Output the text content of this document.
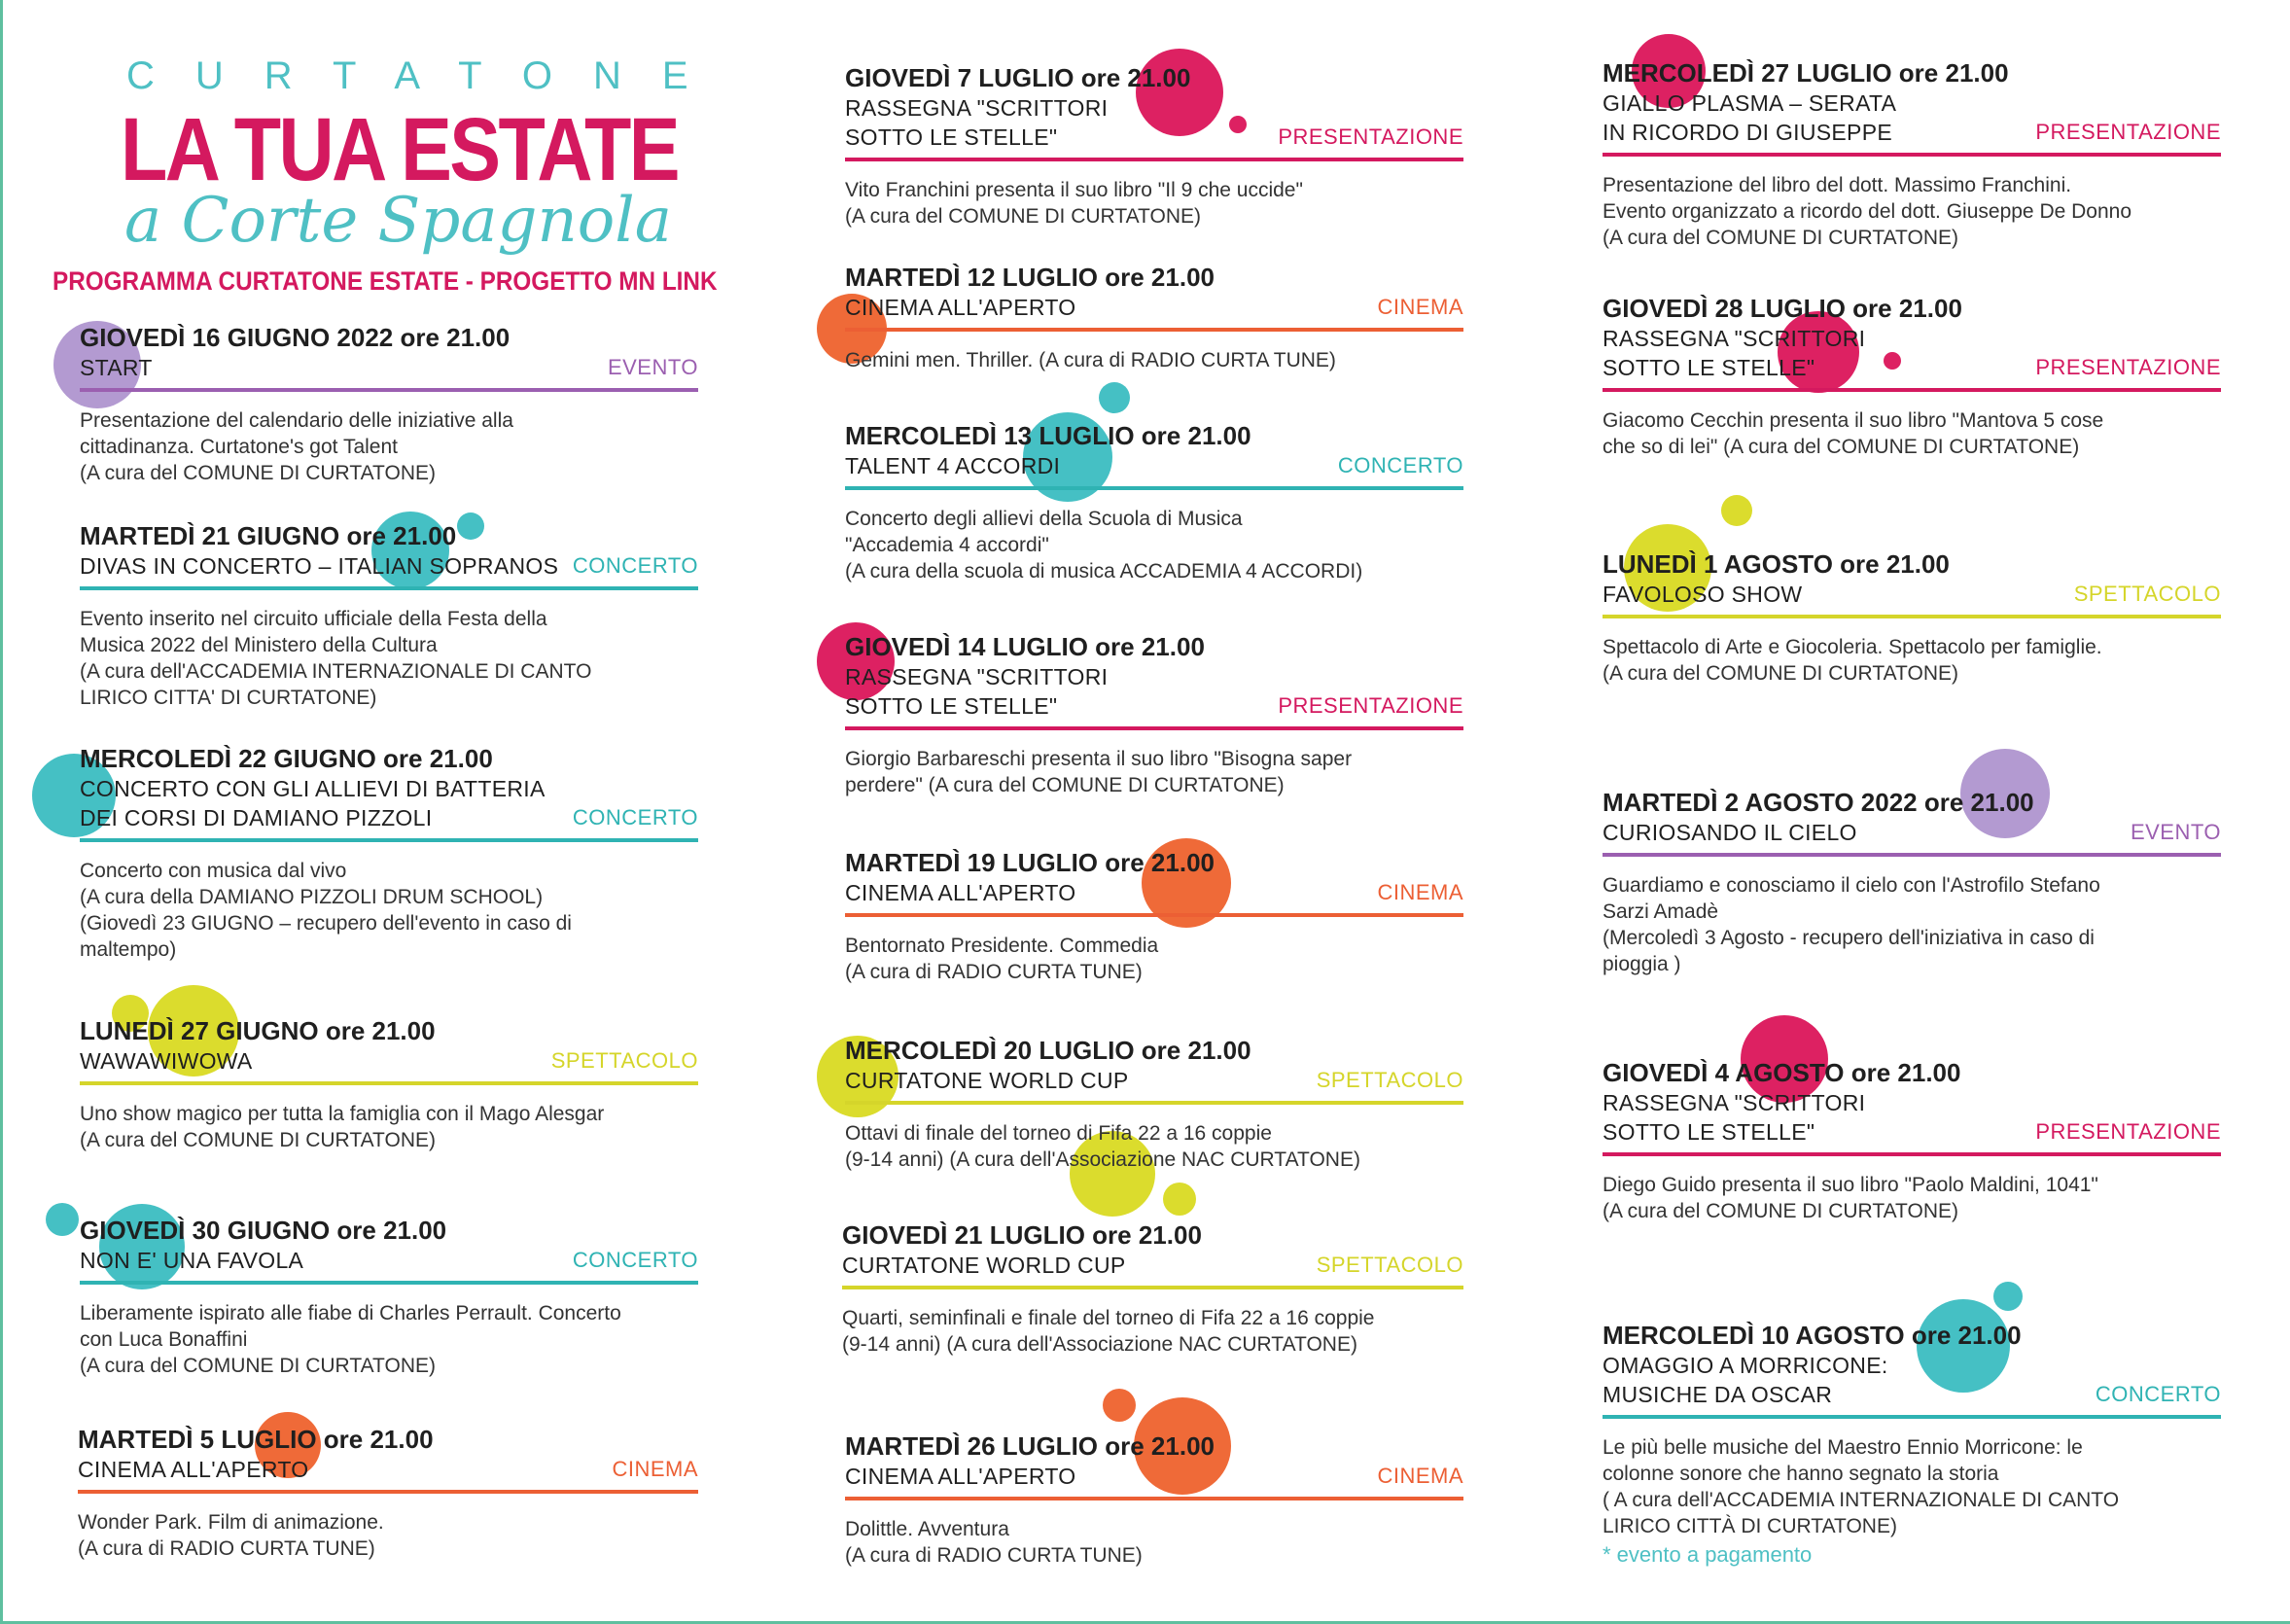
CURTATONE
LA TUA ESTATE
a Corte Spagnola
PROGRAMMA CURTATONE ESTATE - PROGETTO MN LINK
GIOVEDÌ 16 GIUGNO 2022 ore 21.00
START	EVENTO
Presentazione del calendario delle iniziative alla
cittadinanza. Curtatone's got Talent
(A cura del COMUNE DI CURTATONE)
MARTEDÌ 21 GIUGNO ore 21.00
DIVAS IN CONCERTO – ITALIAN SOPRANOS CONCERTO
Evento inserito nel circuito ufficiale della Festa della
Musica 2022 del Ministero della Cultura
(A cura dell'ACCADEMIA INTERNAZIONALE DI CANTO
LIRICO CITTA' DI CURTATONE)
MERCOLEDÌ 22 GIUGNO ore 21.00
CONCERTO CON GLI ALLIEVI DI BATTERIA
DEI CORSI DI DAMIANO PIZZOLI	CONCERTO
Concerto con musica dal vivo
(A cura della DAMIANO PIZZOLI DRUM SCHOOL)
(Giovedì 23 GIUGNO – recupero dell'evento in caso di
maltempo)
LUNEDÌ 27 GIUGNO ore 21.00
WAWAWIWOWA	SPETTACOLO
Uno show magico per tutta la famiglia con il Mago Alesgar
(A cura del COMUNE DI CURTATONE)
GIOVEDÌ 30 GIUGNO ore 21.00
NON E' UNA FAVOLA	CONCERTO
Liberamente ispirato alle fiabe di Charles Perrault. Concerto
con Luca Bonaffini
(A cura del COMUNE DI CURTATONE)
MARTEDÌ 5 LUGLIO ore 21.00
CINEMA ALL'APERTO	CINEMA
Wonder Park. Film di animazione.
(A cura di RADIO CURTA TUNE)
GIOVEDÌ 7 LUGLIO ore 21.00
RASSEGNA "SCRITTORI
SOTTO LE STELLE"	PRESENTAZIONE
Vito Franchini presenta il suo libro "Il 9 che uccide"
(A cura del COMUNE DI CURTATONE)
MARTEDÌ 12 LUGLIO ore 21.00
CINEMA ALL'APERTO	CINEMA
Gemini men. Thriller. (A cura di RADIO CURTA TUNE)
MERCOLEDÌ 13 LUGLIO ore 21.00
TALENT 4 ACCORDI	CONCERTO
Concerto degli allievi della Scuola di Musica
"Accademia 4 accordi"
(A cura della scuola di musica ACCADEMIA 4 ACCORDI)
GIOVEDÌ 14 LUGLIO ore 21.00
RASSEGNA "SCRITTORI
SOTTO LE STELLE"	PRESENTAZIONE
Giorgio Barbareschi presenta il suo libro "Bisogna saper
perdere" (A cura del COMUNE DI CURTATONE)
MARTEDÌ 19 LUGLIO ore 21.00
CINEMA ALL'APERTO	CINEMA
Bentornato Presidente. Commedia
(A cura di RADIO CURTA TUNE)
MERCOLEDÌ 20 LUGLIO ore 21.00
CURTATONE WORLD CUP	SPETTACOLO
Ottavi di finale del torneo di Fifa 22 a 16 coppie
(9-14 anni) (A cura dell'Associazione NAC CURTATONE)
GIOVEDÌ 21 LUGLIO ore 21.00
CURTATONE WORLD CUP	SPETTACOLO
Quarti, seminfinali e finale del torneo di Fifa 22 a 16 coppie
(9-14 anni) (A cura dell'Associazione NAC CURTATONE)
MARTEDÌ 26 LUGLIO ore 21.00
CINEMA ALL'APERTO	CINEMA
Dolittle. Avventura
(A cura di RADIO CURTA TUNE)
MERCOLEDÌ 27 LUGLIO ore 21.00
GIALLO PLASMA – SERATA
IN RICORDO DI GIUSEPPE	PRESENTAZIONE
Presentazione del libro del dott. Massimo Franchini.
Evento organizzato a ricordo del dott. Giuseppe De Donno
(A cura del COMUNE DI CURTATONE)
GIOVEDÌ 28 LUGLIO ore 21.00
RASSEGNA "SCRITTORI
SOTTO LE STELLE"	PRESENTAZIONE
Giacomo Cecchin presenta il suo libro "Mantova 5 cose
che so di lei" (A cura del COMUNE DI CURTATONE)
LUNEDÌ 1 AGOSTO ore 21.00
FAVOLOSO SHOW	SPETTACOLO
Spettacolo di Arte e Giocoleria. Spettacolo per famiglie.
(A cura del COMUNE DI CURTATONE)
MARTEDÌ 2 AGOSTO 2022 ore 21.00
CURIOSANDO IL CIELO	EVENTO
Guardiamo e conosciamo il cielo con l'Astrofilo Stefano
Sarzi Amadè
(Mercoledì 3 Agosto - recupero dell'iniziativa in caso di
pioggia )
GIOVEDÌ 4 AGOSTO ore 21.00
RASSEGNA "SCRITTORI
SOTTO LE STELLE"	PRESENTAZIONE
Diego Guido presenta il suo libro "Paolo Maldini, 1041"
(A cura del COMUNE DI CURTATONE)
MERCOLEDÌ 10 AGOSTO ore 21.00
OMAGGIO A MORRICONE:
MUSICHE DA OSCAR	CONCERTO
Le più belle musiche del Maestro Ennio Morricone: le
colonne sonore che hanno segnato la storia
( A cura dell'ACCADEMIA INTERNAZIONALE DI CANTO
LIRICO CITTÀ DI CURTATONE)
* evento a pagamento
